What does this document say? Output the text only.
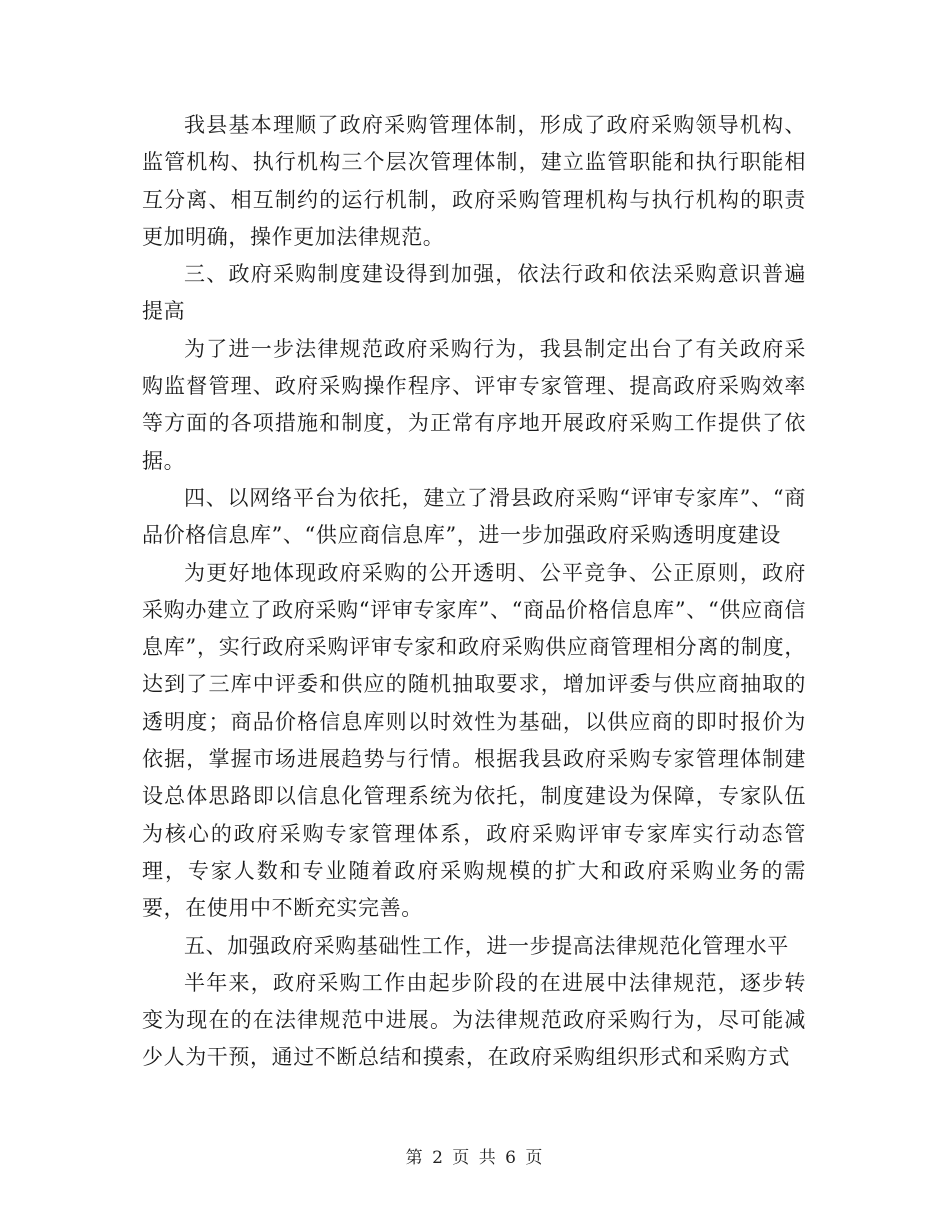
我县基本理顺了政府采购管理体制，形成了政府采购领导机构、监管机构、执行机构三个层次管理体制，建立监管职能和执行职能相互分离、相互制约的运行机制，政府采购管理机构与执行机构的职责更加明确，操作更加法律规范。

三、政府采购制度建设得到加强，依法行政和依法采购意识普遍提高

为了进一步法律规范政府采购行为，我县制定出台了有关政府采购监督管理、政府采购操作程序、评审专家管理、提高政府采购效率等方面的各项措施和制度，为正常有序地开展政府采购工作提供了依据。

四、以网络平台为依托，建立了滑县政府采购“评审专家库”、“商品价格信息库”、“供应商信息库”，进一步加强政府采购透明度建设

为更好地体现政府采购的公开透明、公平竞争、公正原则，政府采购办建立了政府采购“评审专家库”、“商品价格信息库”、“供应商信息库”，实行政府采购评审专家和政府采购供应商管理相分离的制度，达到了三库中评委和供应的随机抽取要求，增加评委与供应商抽取的透明度；商品价格信息库则以时效性为基础，以供应商的即时报价为依据，掌握市场进展趋势与行情。根据我县政府采购专家管理体制建设总体思路即以信息化管理系统为依托，制度建设为保障，专家队伍为核心的政府采购专家管理体系，政府采购评审专家库实行动态管理，专家人数和专业随着政府采购规模的扩大和政府采购业务的需要，在使用中不断充实完善。

五、加强政府采购基础性工作，进一步提高法律规范化管理水平

半年来，政府采购工作由起步阶段的在进展中法律规范，逐步转变为现在的在法律规范中进展。为法律规范政府采购行为，尽可能减少人为干预，通过不断总结和摸索，在政府采购组织形式和采购方式

第 2 页 共 6 页
